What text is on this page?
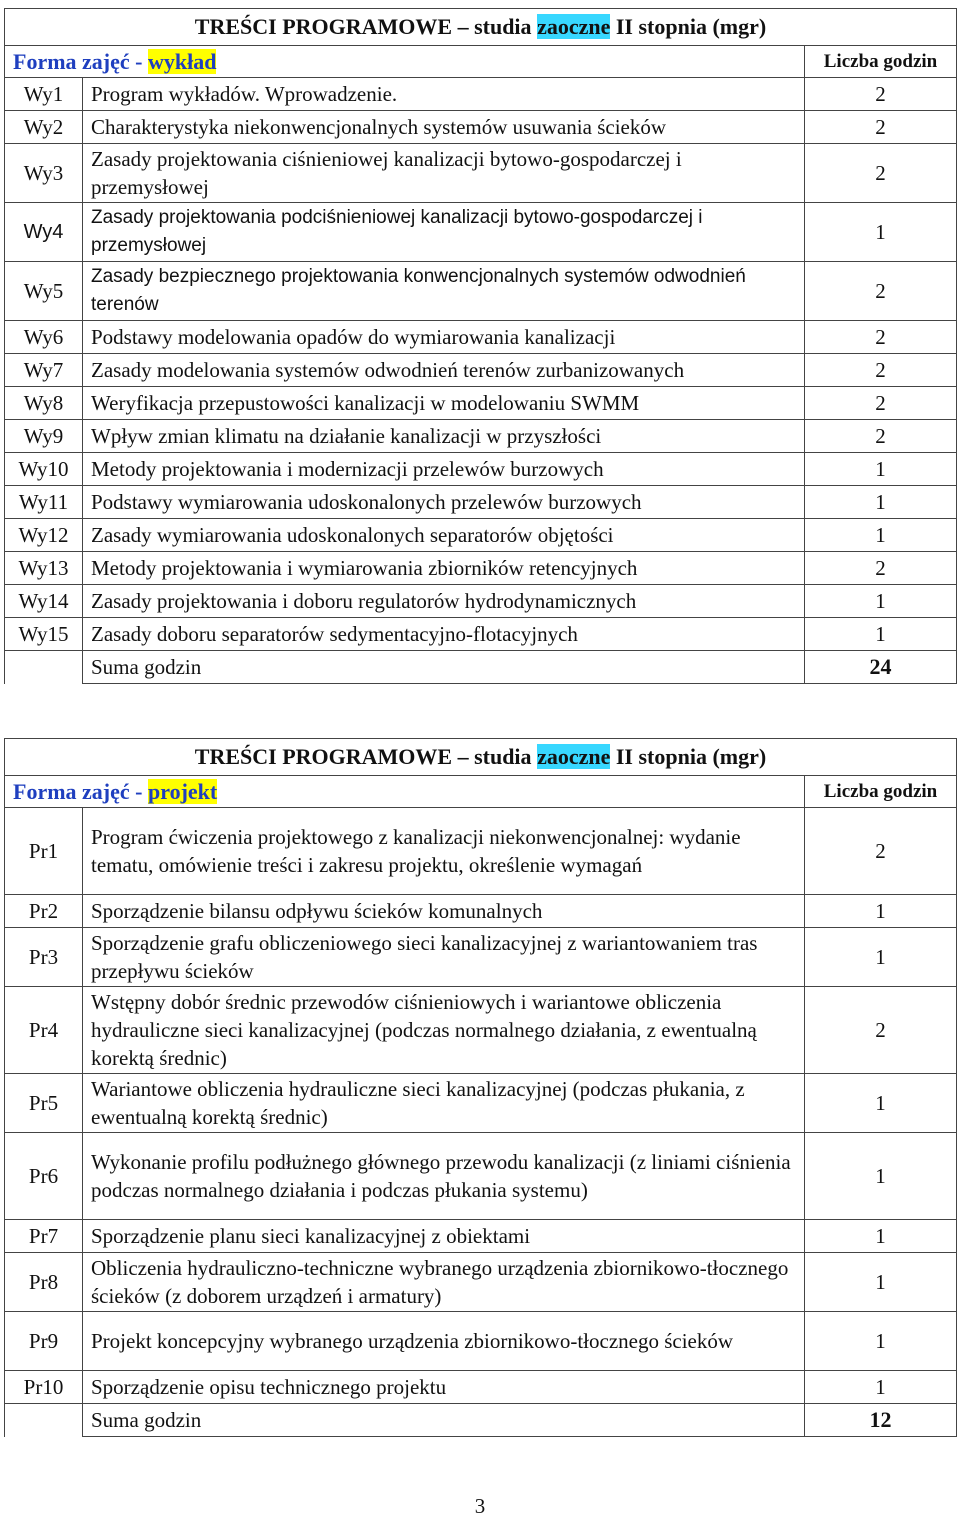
TREŚCI PROGRAMOWE – studia zaoczne II stopnia (mgr)		
Forma zajęć - wykład		Liczba godzin
Wy1	Program wykładów. Wprowadzenie.	2
Wy2	Charakterystyka niekonwencjonalnych systemów usuwania ścieków	2
Wy3	Zasady projektowania ciśnieniowej kanalizacji bytowo-gospodarczej i przemysłowej	2
Wy4	Zasady projektowania podciśnieniowej kanalizacji bytowo-gospodarczej i przemysłowej	1
Wy5	Zasady bezpiecznego projektowania konwencjonalnych systemów odwodnień terenów	2
Wy6	Podstawy modelowania opadów do wymiarowania kanalizacji	2
Wy7	Zasady modelowania systemów odwodnień terenów zurbanizowanych	2
Wy8	Weryfikacja przepustowości kanalizacji w modelowaniu SWMM	2
Wy9	Wpływ zmian klimatu na działanie kanalizacji w przyszłości	2
Wy10	Metody projektowania i modernizacji przelewów burzowych	1
Wy11	Podstawy wymiarowania udoskonalonych przelewów burzowych	1
Wy12	Zasady wymiarowania udoskonalonych separatorów objętości	1
Wy13	Metody projektowania i wymiarowania zbiorników retencyjnych	2
Wy14	Zasady projektowania i doboru regulatorów hydrodynamicznych	1
Wy15	Zasady doboru separatorów sedymentacyjno-flotacyjnych	1
	Suma godzin	24
TREŚCI PROGRAMOWE – studia zaoczne II stopnia (mgr)		
Forma zajęć - projekt		Liczba godzin
Pr1	Program ćwiczenia projektowego z kanalizacji niekonwencjonalnej: wydanie tematu, omówienie treści i zakresu projektu, określenie wymagań	2
Pr2	Sporządzenie bilansu odpływu ścieków komunalnych	1
Pr3	Sporządzenie grafu obliczeniowego sieci kanalizacyjnej z wariantowaniem tras przepływu ścieków	1
Pr4	Wstępny dobór średnic przewodów ciśnieniowych i wariantowe obliczenia hydrauliczne sieci kanalizacyjnej (podczas normalnego działania, z ewentualną korektą średnic)	2
Pr5	Wariantowe obliczenia hydrauliczne sieci kanalizacyjnej (podczas płukania, z ewentualną korektą średnic)	1
Pr6	Wykonanie profilu podłużnego głównego przewodu kanalizacji (z liniami ciśnienia podczas normalnego działania i podczas płukania systemu)	1
Pr7	Sporządzenie planu sieci kanalizacyjnej z obiektami	1
Pr8	Obliczenia hydrauliczno-techniczne wybranego urządzenia zbiornikowo-tłocznego ścieków (z doborem urządzeń i armatury)	1
Pr9	Projekt koncepcyjny wybranego urządzenia zbiornikowo-tłocznego ścieków	1
Pr10	Sporządzenie opisu technicznego projektu	1
	Suma godzin	12
3
